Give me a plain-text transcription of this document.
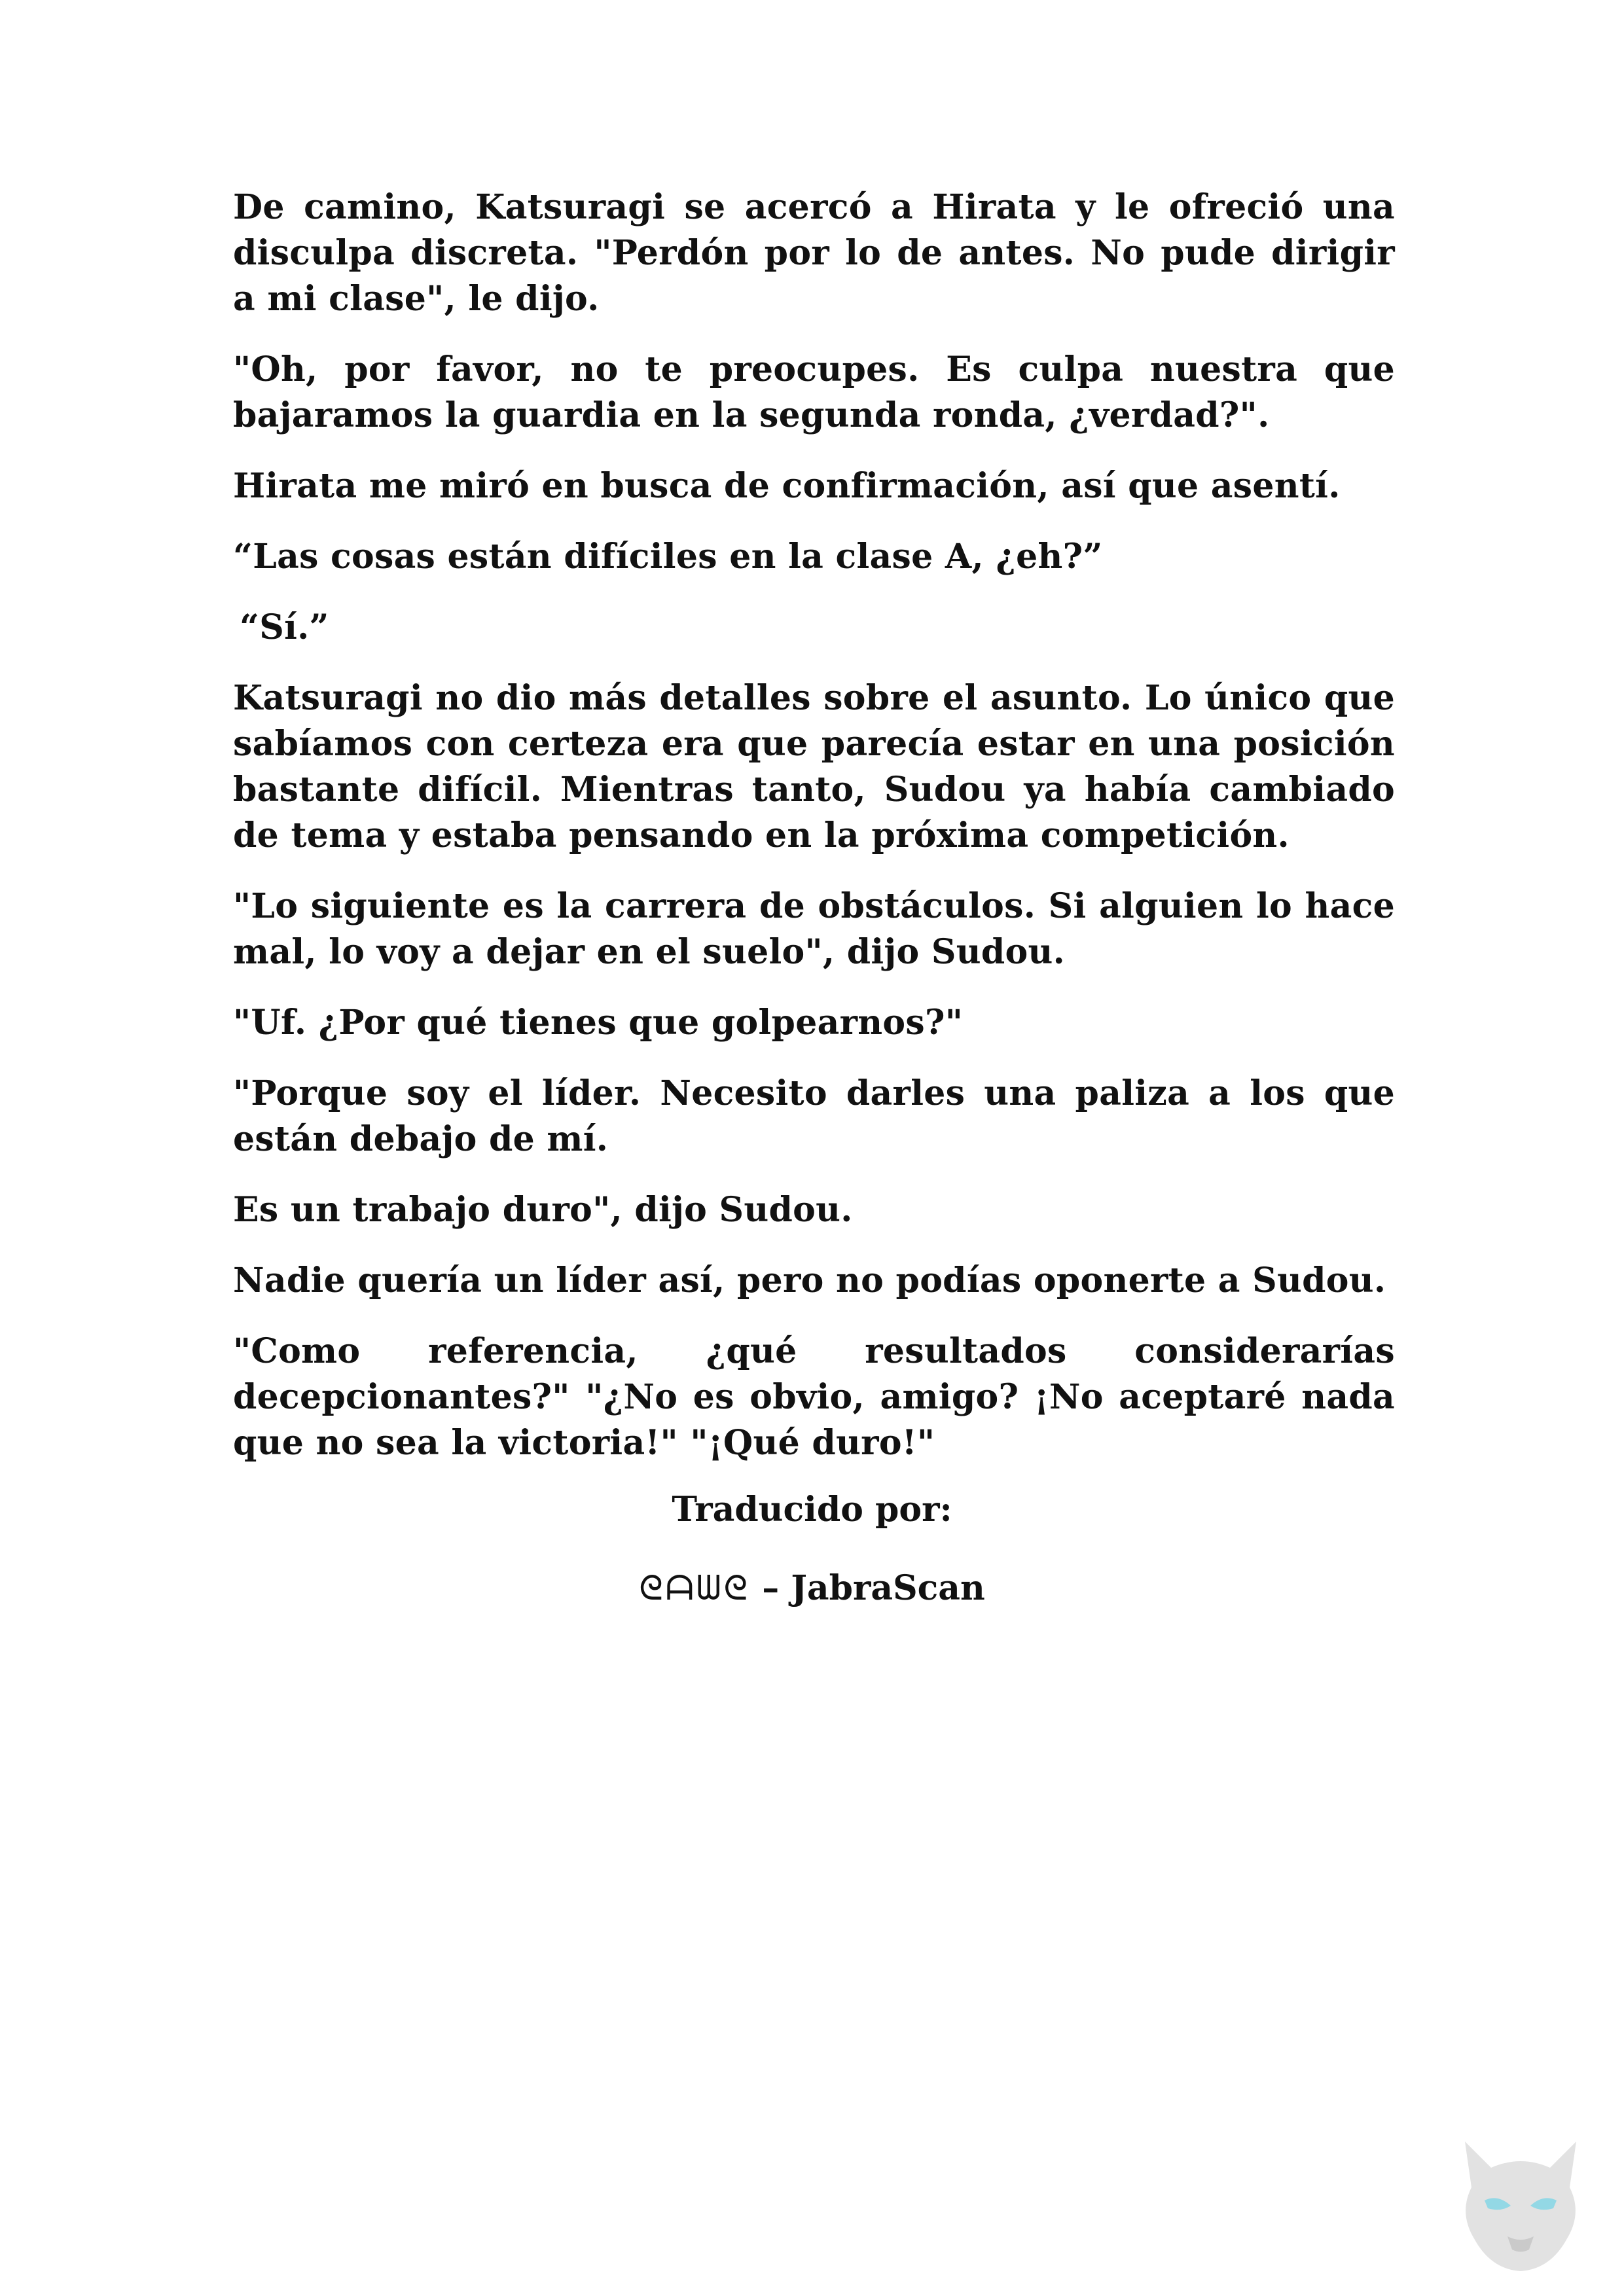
De camino, Katsuragi se acercó a Hirata y le ofreció una disculpa discreta. "Perdón por lo de antes. No pude dirigir a mi clase", le dijo.

"Oh, por favor, no te preocupes. Es culpa nuestra que bajaramos la guardia en la segunda ronda, ¿verdad?".

Hirata me miró en busca de confirmación, así que asentí.

“Las cosas están difíciles en la clase A, ¿eh?”

“Sí.”

Katsuragi no dio más detalles sobre el asunto. Lo único que sabíamos con certeza era que parecía estar en una posición bastante difícil. Mientras tanto, Sudou ya había cambiado de tema y estaba pensando en la próxima competición.

"Lo siguiente es la carrera de obstáculos. Si alguien lo hace mal, lo voy a dejar en el suelo", dijo Sudou.

"Uf. ¿Por qué tienes que golpearnos?"

"Porque soy el líder. Necesito darles una paliza a los que están debajo de mí.

Es un trabajo duro", dijo Sudou.

Nadie quería un líder así, pero no podías oponerte a Sudou.

"Como referencia, ¿qué resultados considerarías decepcionantes?" "¿No es obvio, amigo? ¡No aceptaré nada que no sea la victoria!" "¡Qué duro!"

Traducido por:
ᘓᗩᗯᘓ – JabraScan
